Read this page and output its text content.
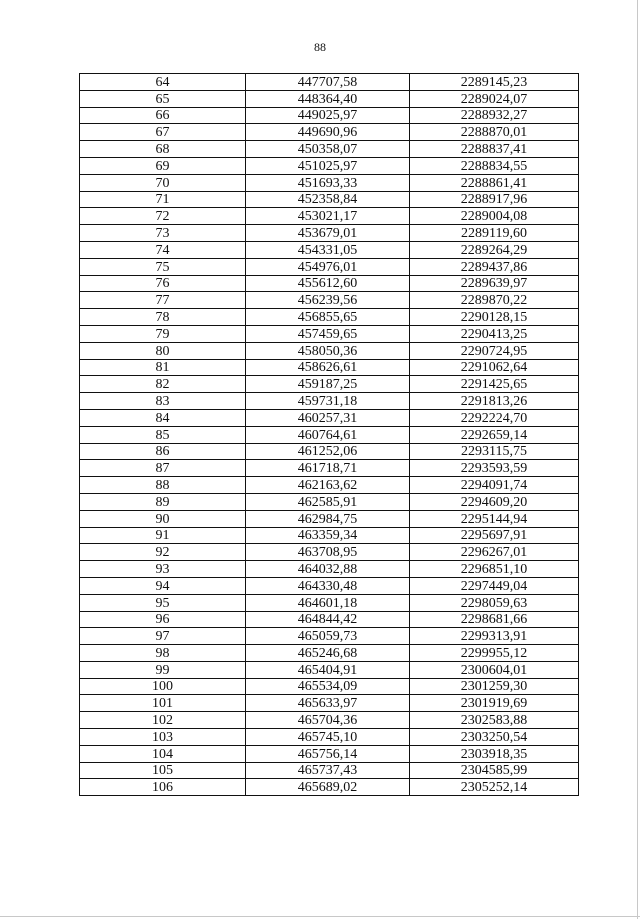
88
64	447707,58	2289145,23
65	448364,40	2289024,07
66	449025,97	2288932,27
67	449690,96	2288870,01
68	450358,07	2288837,41
69	451025,97	2288834,55
70	451693,33	2288861,41
71	452358,84	2288917,96
72	453021,17	2289004,08
73	453679,01	2289119,60
74	454331,05	2289264,29
75	454976,01	2289437,86
76	455612,60	2289639,97
77	456239,56	2289870,22
78	456855,65	2290128,15
79	457459,65	2290413,25
80	458050,36	2290724,95
81	458626,61	2291062,64
82	459187,25	2291425,65
83	459731,18	2291813,26
84	460257,31	2292224,70
85	460764,61	2292659,14
86	461252,06	2293115,75
87	461718,71	2293593,59
88	462163,62	2294091,74
89	462585,91	2294609,20
90	462984,75	2295144,94
91	463359,34	2295697,91
92	463708,95	2296267,01
93	464032,88	2296851,10
94	464330,48	2297449,04
95	464601,18	2298059,63
96	464844,42	2298681,66
97	465059,73	2299313,91
98	465246,68	2299955,12
99	465404,91	2300604,01
100	465534,09	2301259,30
101	465633,97	2301919,69
102	465704,36	2302583,88
103	465745,10	2303250,54
104	465756,14	2303918,35
105	465737,43	2304585,99
106	465689,02	2305252,14
